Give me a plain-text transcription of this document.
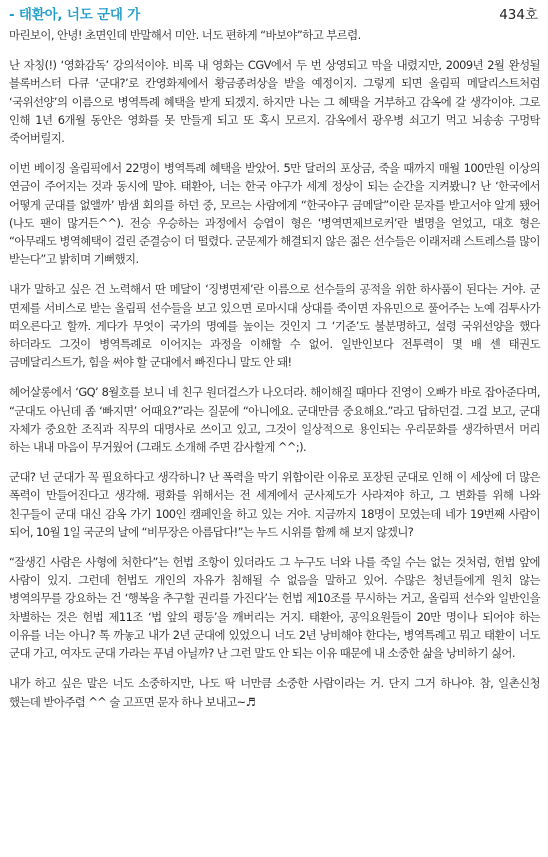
- 태환아, 너도 군대 가	434호

마린보이, 안녕! 초면인데 반말해서 미안. 너도 편하게 “바보야”하고 부르렴.

난 자칭(!) ‘영화감독’ 강의석이야. 비록 내 영화는 CGV에서 두 번 상영되고 막을 내렸지만, 2009년 2월 완성될 블록버스터 다큐 ‘군대?’로 칸영화제에서 황금종려상을 받을 예정이지. 그렇게 되면 올림픽 메달리스트처럼 ‘국위선양’의 이름으로 병역특례 혜택을 받게 되겠지. 하지만 나는 그 혜택을 거부하고 감옥에 갈 생각이야. 그로 인해 1년 6개월 동안은 영화를 못 만들게 되고 또 혹시 모르지. 감옥에서 광우병 쇠고기 먹고 뇌송송 구멍탁 죽어버릴지.

이번 베이징 올림픽에서 22명이 병역특례 혜택을 받았어. 5만 달러의 포상금, 죽을 때까지 매월 100만원 이상의 연금이 주어지는 것과 동시에 말야. 태환아, 너는 한국 야구가 세계 정상이 되는 순간을 지켜봤니? 난 ‘한국에서 어떻게 군대를 없앨까’ 밤샘 회의를 하던 중, 모르는 사람에게 “한국야구 금메달”이란 문자를 받고서야 알게 됐어(나도 팬이 많거든^^). 전승 우승하는 과정에서 승엽이 형은 ‘병역면제브로커’란 별명을 얻었고, 대호 형은 “아무래도 병역혜택이 걸린 준결승이 더 떨렸다. 군문제가 해결되지 않은 젊은 선수들은 이래저래 스트레스를 많이 받는다”고 밝히며 기뻐했지.

내가 말하고 싶은 건 노력해서 딴 메달이 ‘징병면제’란 이름으로 선수들의 공적을 위한 하사품이 된다는 거야. 군 면제를 서비스로 받는 올림픽 선수들을 보고 있으면 로마시대 상대를 죽이면 자유민으로 풀어주는 노예 검투사가 떠오른다고 할까. 게다가 무엇이 국가의 명예를 높이는 것인지 그 ‘기준’도 불분명하고, 설령 국위선양을 했다 하더라도 그것이 병역특례로 이어지는 과정을 이해할 수 없어. 일반인보다 전투력이 몇 배 센 태권도 금메달리스트가, 힘을 써야 할 군대에서 빠진다니 말도 안 돼!

헤어살롱에서 ‘GQ’ 8월호를 보니 네 친구 원더걸스가 나오더라. 해이해질 때마다 진영이 오빠가 바로 잡아준다며, “군대도 아닌데 좀 ‘빠지면’ 어때요?”라는 질문에 “아니에요. 군대만큼 중요해요.”라고 답하던걸. 그걸 보고, 군대 자체가 중요한 조직과 직무의 대명사로 쓰이고 있고, 그것이 일상적으로 용인되는 우리문화를 생각하면서 머리 하는 내내 마음이 무거웠어 (그래도 소개해 주면 감사할게 ^^;).

군대? 넌 군대가 꼭 필요하다고 생각하니? 난 폭력을 막기 위함이란 이유로 포장된 군대로 인해 이 세상에 더 많은 폭력이 만들어진다고 생각해. 평화를 위해서는 전 세계에서 군사제도가 사라져야 하고, 그 변화를 위해 나와 친구들이 군대 대신 감옥 가기 100인 캠페인을 하고 있는 거야. 지금까지 18명이 모였는데 네가 19번째 사람이 되어, 10월 1일 국군의 날에 “비무장은 아름답다!”는 누드 시위를 함께 해 보지 않겠니?

“잘생긴 사람은 사형에 처한다”는 헌법 조항이 있더라도 그 누구도 너와 나를 죽일 수는 없는 것처럼, 헌법 앞에 사람이 있지. 그런데 헌법도 개인의 자유가 침해될 수 없음을 말하고 있어. 수많은 청년들에게 원치 않는 병역의무를 강요하는 건 ‘행복을 추구할 권리를 가진다’는 헌법 제10조를 무시하는 거고, 올림픽 선수와 일반인을 차별하는 것은 헌법 제11조 ‘법 앞의 평등’을 깨버리는 거지. 태환아, 공익요원들이 20만 명이나 되어야 하는 이유를 너는 아니? 톡 까놓고 내가 2년 군대에 있었으니 너도 2년 낭비해야 한다는, 병역특례고 뭐고 태환이 너도 군대 가고, 여자도 군대 가라는 푸념 아닐까? 난 그런 말도 안 되는 이유 때문에 내 소중한 삶을 낭비하기 싫어.

내가 하고 싶은 말은 너도 소중하지만, 나도 딱 너만큼 소중한 사람이라는 거. 단지 그거 하나야. 참, 일촌신청 했는데 받아주렴 ^^ 술 고프면 문자 하나 보내고~♬
